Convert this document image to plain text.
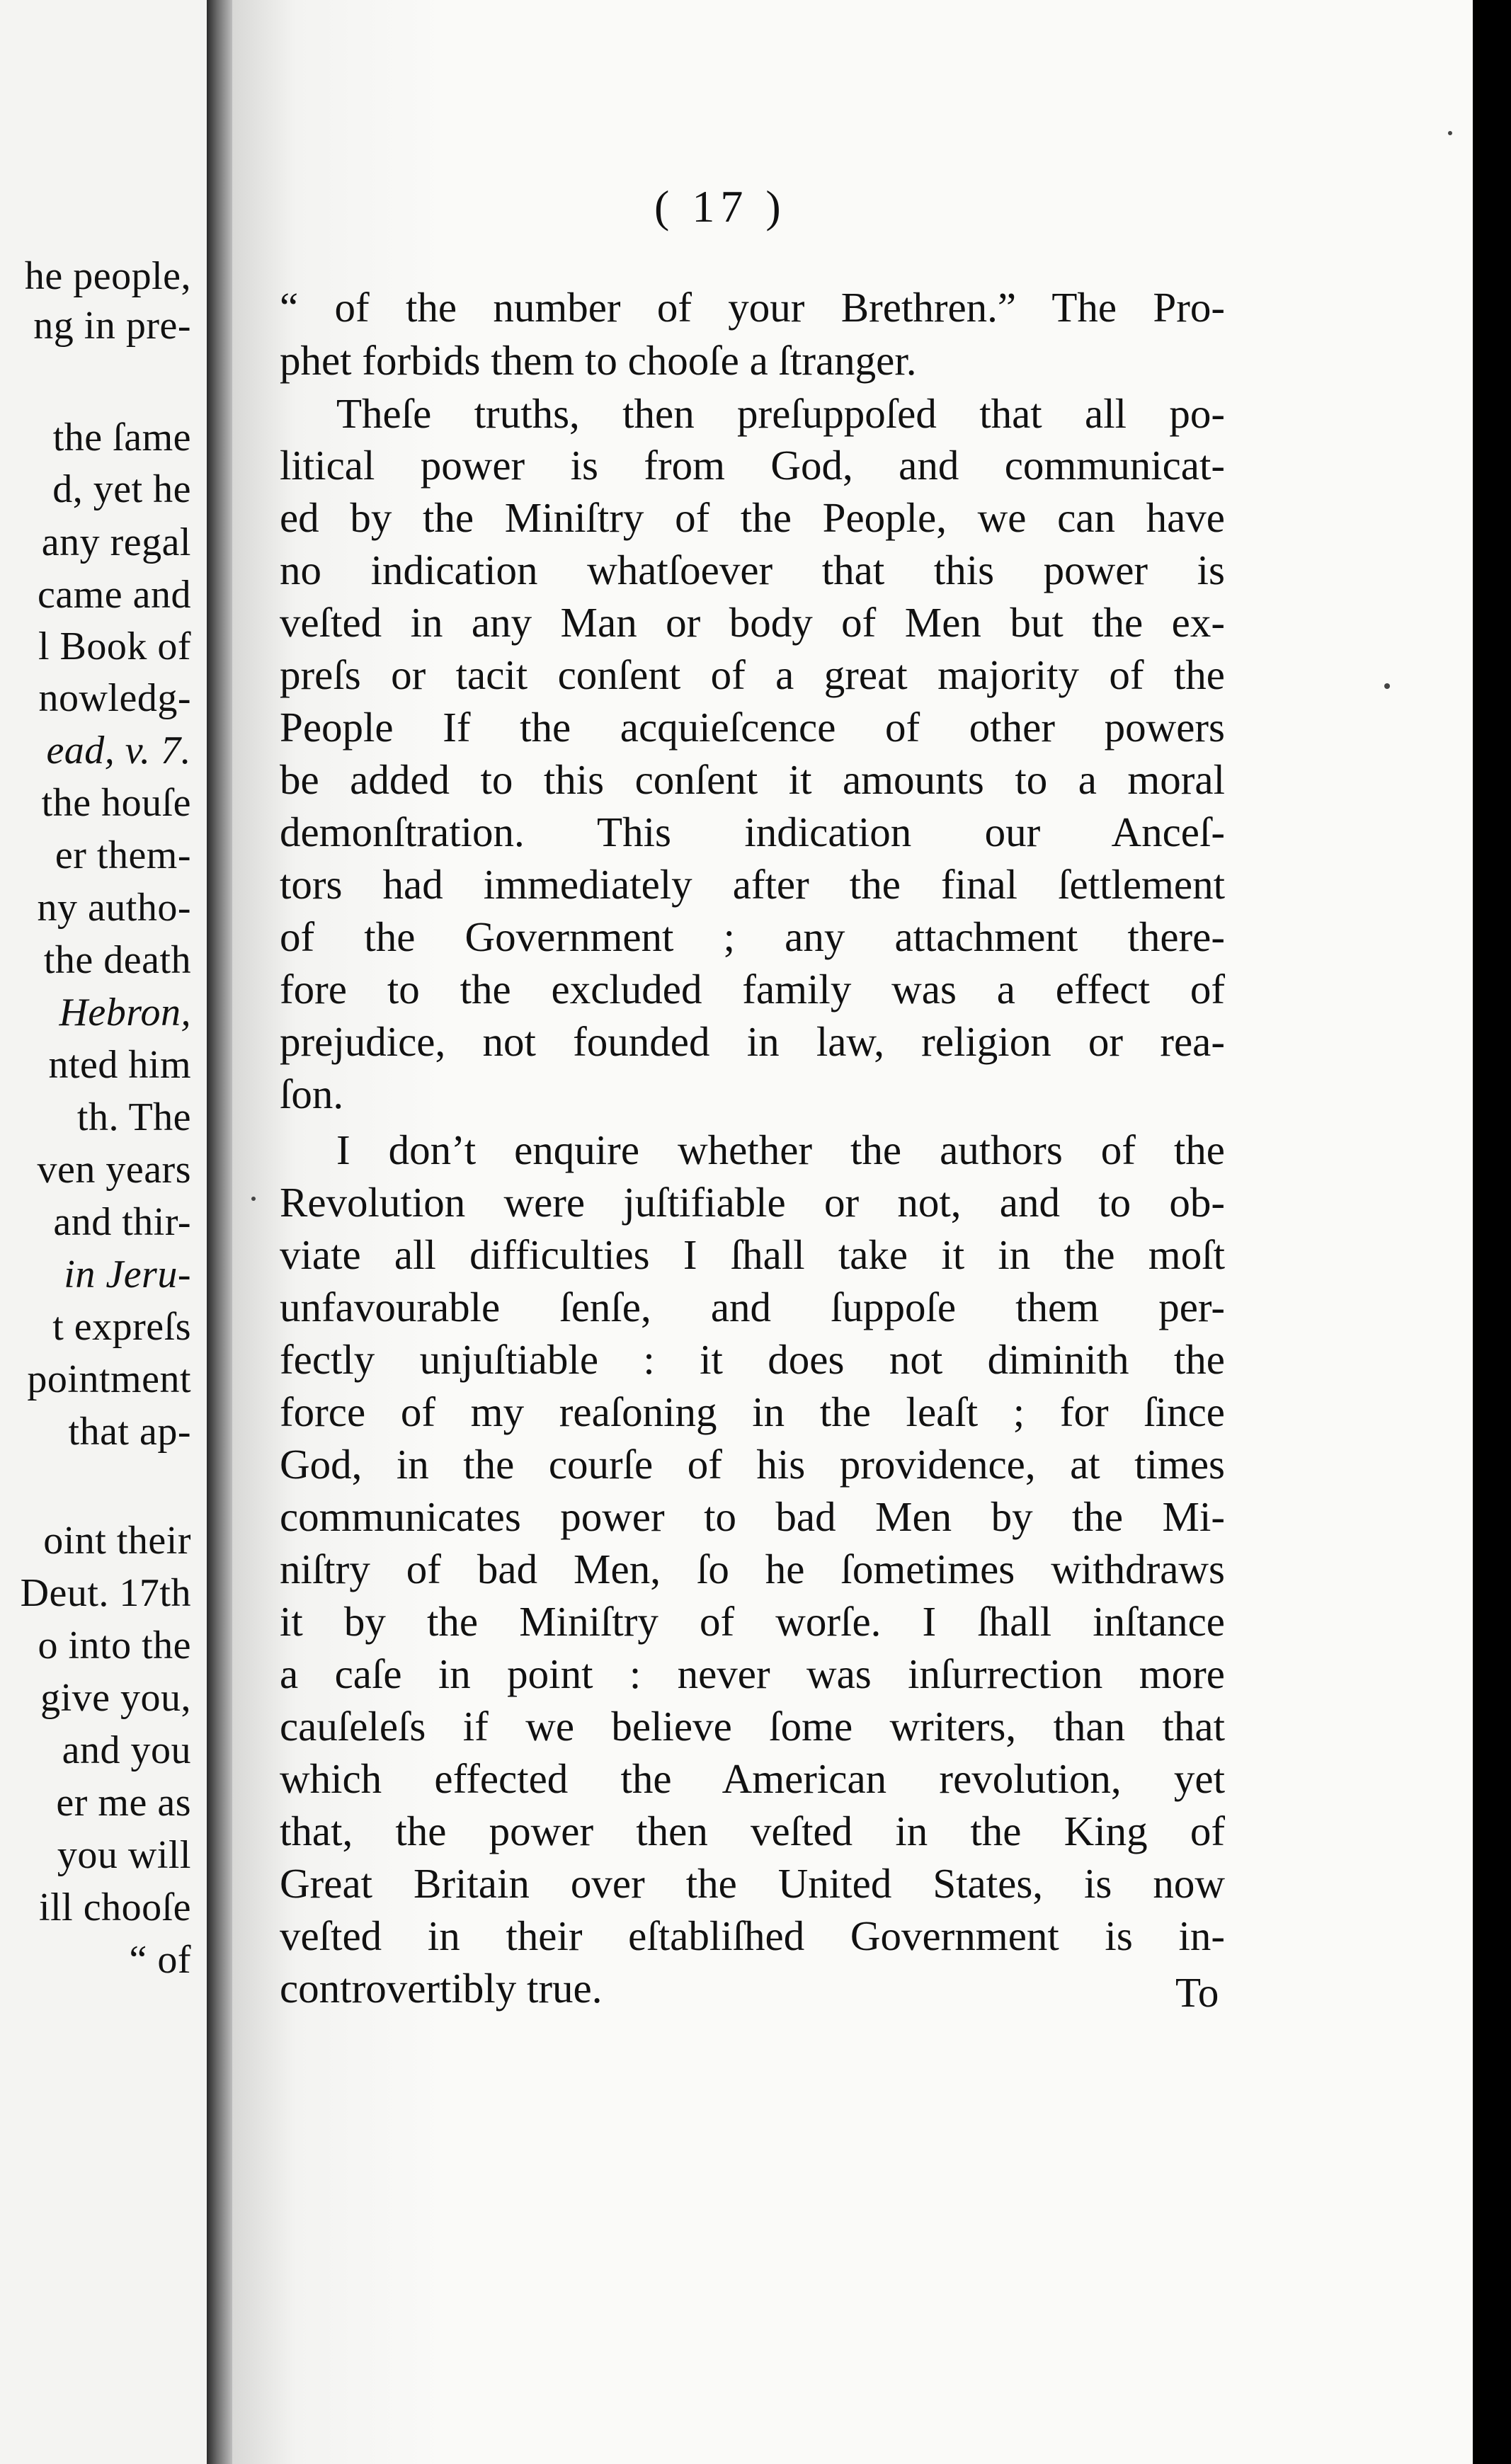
he people,
ng in pre-
the ſame
d, yet he
any regal
came and
l Book of
nowledg-
ead, v. 7.
the houſe
er them-
ny autho-
the death
Hebron,
nted him
th. The
ven years
and thir-
in Jeru-
t expreſs
pointment
that ap-
oint their
Deut. 17th
o into the
give you,
and you
er me as
you will
ill chooſe
“ of
( 17 )
“ of the number of your Brethren.” The Pro-
phet forbids them to chooſe a ſtranger.
Theſe truths, then preſuppoſed that all po-
litical power is from God, and communicat-
ed by the Miniſtry of the People, we can have
no indication whatſoever that this power is
veſted in any Man or body of Men but the ex-
preſs or tacit conſent of a great majority of the
People If the acquieſcence of other powers
be added to this conſent it amounts to a moral
demonſtration. This indication our Anceſ-
tors had immediately after the final ſettlement
of the Government ; any attachment there-
fore to the excluded family was a effect of
prejudice, not founded in law, religion or rea-
ſon.
I don’t enquire whether the authors of the
Revolution were juſtifiable or not, and to ob-
viate all difficulties I ſhall take it in the moſt
unfavourable ſenſe, and ſuppoſe them per-
fectly unjuſtiable : it does not diminith the
force of my reaſoning in the leaſt ; for ſince
God, in the courſe of his providence, at times
communicates power to bad Men by the Mi-
niſtry of bad Men, ſo he ſometimes withdraws
it by the Miniſtry of worſe. I ſhall inſtance
a caſe in point : never was inſurrection more
cauſeleſs if we believe ſome writers, than that
which effected the American revolution, yet
that, the power then veſted in the King of
Great Britain over the United States, is now
veſted in their eſtabliſhed Government is in-
controvertibly true.	To
